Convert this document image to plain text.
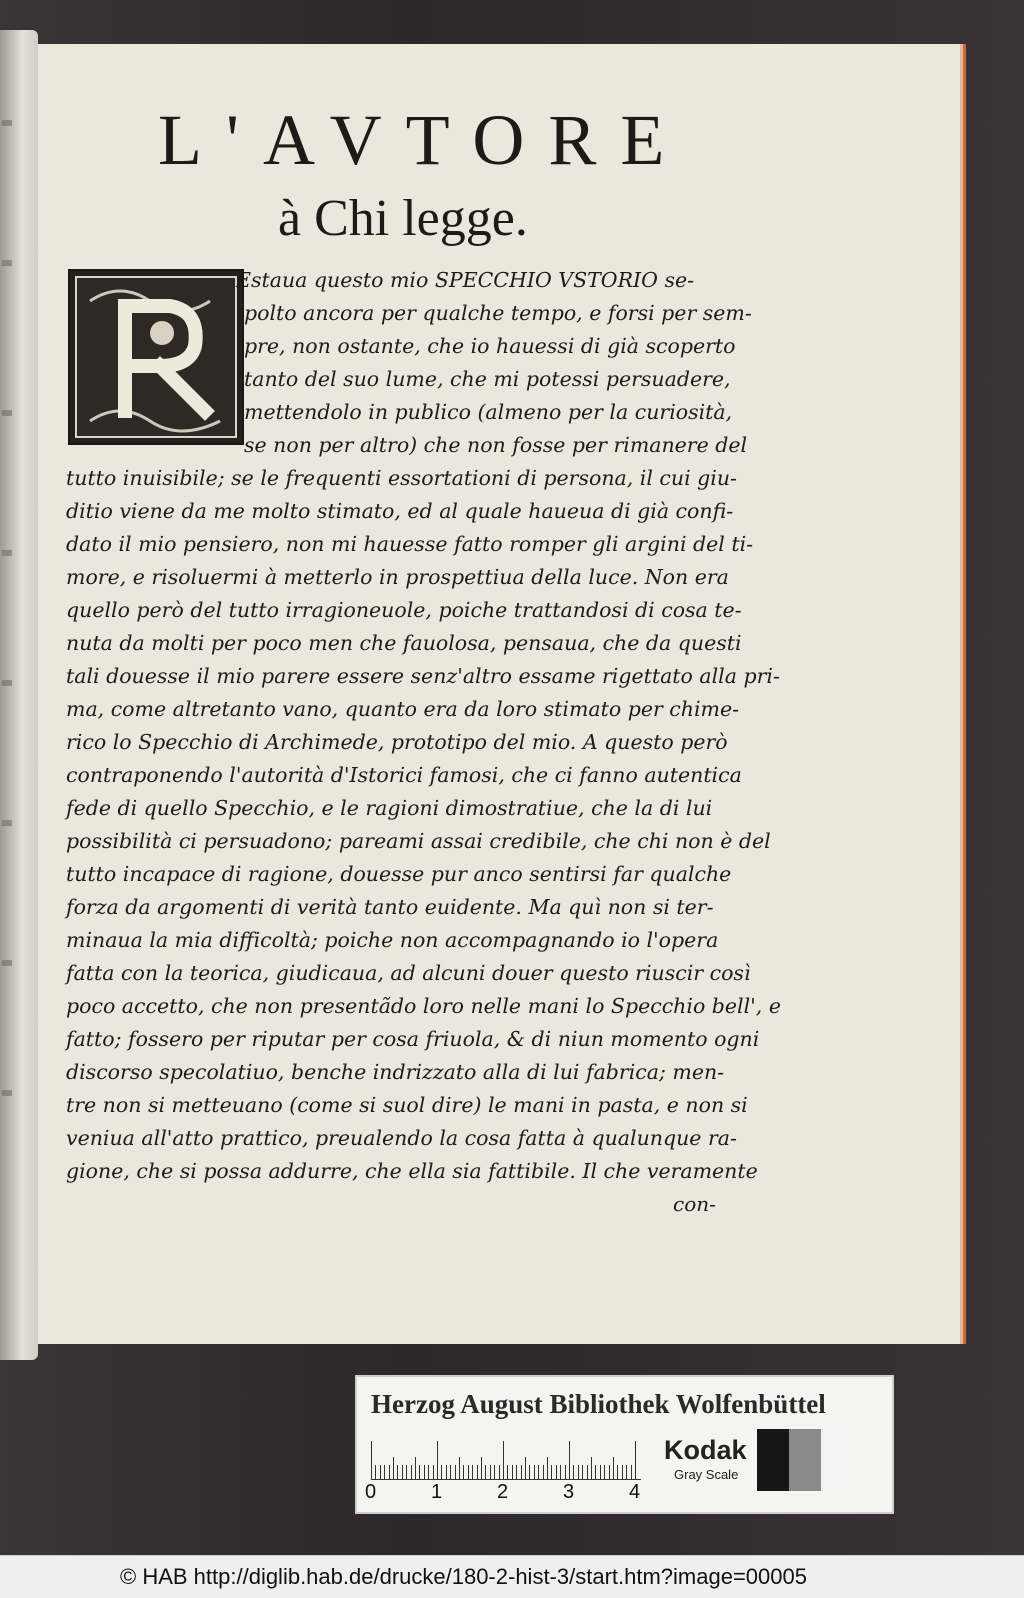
L'AVTORE
à Chi legge.
Estaua questo mio SPECCHIO VSTORIO se-
polto ancora per qualche tempo, e forsi per sem-
pre, non ostante, che io hauessi di già scoperto
tanto del suo lume, che mi potessi persuadere,
mettendolo in publico (almeno per la curiosità,
se non per altro) che non fosse per rimanere del
tutto inuisibile; se le frequenti essortationi di persona, il cui giu-
ditio viene da me molto stimato, ed al quale haueua di già confi-
dato il mio pensiero, non mi hauesse fatto romper gli argini del ti-
more, e risoluermi à metterlo in prospettiua della luce. Non era
quello però del tutto irragioneuole, poiche trattandosi di cosa te-
nuta da molti per poco men che fauolosa, pensaua, che da questi
tali douesse il mio parere essere senz'altro essame rigettato alla pri-
ma, come altretanto vano, quanto era da loro stimato per chime-
rico lo Specchio di Archimede, prototipo del mio. A questo però
contraponendo l'autorità d'Istorici famosi, che ci fanno autentica
fede di quello Specchio, e le ragioni dimostratiue, che la di lui
possibilità ci persuadono; pareami assai credibile, che chi non è del
tutto incapace di ragione, douesse pur anco sentirsi far qualche
forza da argomenti di verità tanto euidente. Ma quì non si ter-
minaua la mia difficoltà; poiche non accompagnando io l'opera
fatta con la teorica, giudicaua, ad alcuni douer questo riuscir così
poco accetto, che non presentãdo loro nelle mani lo Specchio bell', e
fatto; fossero per riputar per cosa friuola, & di niun momento ogni
discorso specolatiuo, benche indrizzato alla di lui fabrica; men-
tre non si metteuano (come si suol dire) le mani in pasta, e non si
veniua all'atto prattico, preualendo la cosa fatta à qualunque ra-
gione, che si possa addurre, che ella sia fattibile. Il che veramente
con-
Herzog August Bibliothek Wolfenbüttel
0	1	2	3	4
Kodak
Gray Scale
© HAB http://diglib.hab.de/drucke/180-2-hist-3/start.htm?image=00005
